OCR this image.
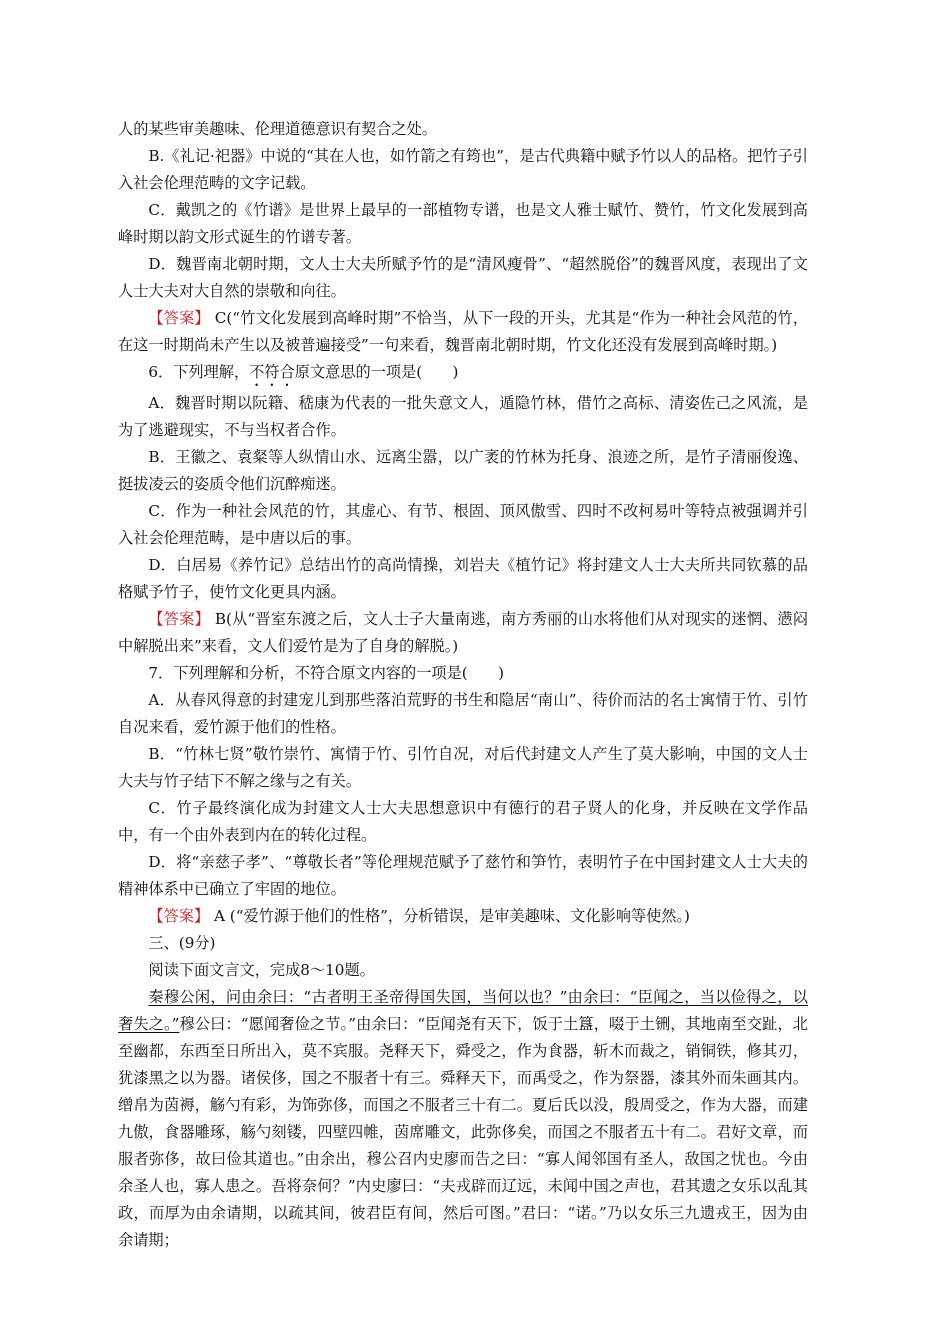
人的某些审美趣味、伦理道德意识有契合之处。

B.《礼记·祀器》中说的“其在人也，如竹箭之有筠也”，是古代典籍中赋予竹以人的品格。把竹子引入社会伦理范畴的文字记载。

C．戴凯之的《竹谱》是世界上最早的一部植物专谱，也是文人雅士赋竹、赞竹，竹文化发展到高峰时期以韵文形式诞生的竹谱专著。

D．魏晋南北朝时期，文人士大夫所赋予竹的是“清风瘦骨”、“超然脱俗”的魏晋风度，表现出了文人士大夫对大自然的崇敬和向往。

【答案】 C(“竹文化发展到高峰时期”不恰当，从下一段的开头，尤其是“作为一种社会风范的竹，在这一时期尚未产生以及被普遍接受”一句来看，魏晋南北朝时期，竹文化还没有发展到高峰时期。)

6．下列理解，不符合原文意思的一项是(　　)

A．魏晋时期以阮籍、嵇康为代表的一批失意文人，遁隐竹林，借竹之高标、清姿佐己之风流，是为了逃避现实，不与当权者合作。

B．王徽之、袁粲等人纵情山水、远离尘嚣，以广袤的竹林为托身、浪迹之所，是竹子清丽俊逸、挺拔凌云的姿质令他们沉醉痴迷。

C．作为一种社会风范的竹，其虚心、有节、根固、顶风傲雪、四时不改柯易叶等特点被强调并引入社会伦理范畴，是中唐以后的事。

D．白居易《养竹记》总结出竹的高尚情操，刘岩夫《植竹记》将封建文人士大夫所共同钦慕的品格赋予竹子，使竹文化更具内涵。

【答案】 B(从“晋室东渡之后，文人士子大量南逃，南方秀丽的山水将他们从对现实的迷惘、懑闷中解脱出来”来看，文人们爱竹是为了自身的解脱。)

7．下列理解和分析，不符合原文内容的一项是(　　)

A．从春风得意的封建宠儿到那些落泊荒野的书生和隐居“南山”、待价而沽的名士寓情于竹、引竹自况来看，爱竹源于他们的性格。

B．“竹林七贤”敬竹崇竹、寓情于竹、引竹自况，对后代封建文人产生了莫大影响，中国的文人士大夫与竹子结下不解之缘与之有关。

C．竹子最终演化成为封建文人士大夫思想意识中有德行的君子贤人的化身，并反映在文学作品中，有一个由外表到内在的转化过程。

D．将“亲慈子孝”、“尊敬长者”等伦理规范赋予了慈竹和笋竹，表明竹子在中国封建文人士大夫的精神体系中已确立了牢固的地位。

【答案】 A (“爱竹源于他们的性格”，分析错误，是审美趣味、文化影响等使然。)

三、(9分)

阅读下面文言文，完成8～10题。

秦穆公闲，问由余曰：“古者明王圣帝得国失国，当何以也？”由余曰：“臣闻之，当以俭得之，以奢失之。”穆公曰：“愿闻奢俭之节。”由余曰：“臣闻尧有天下，饭于土簋，啜于土铏，其地南至交趾，北至幽都，东西至日所出入，莫不宾服。尧释天下，舜受之，作为食器，斩木而裁之，销铜铁，修其刃，犹漆黑之以为器。诸侯侈，国之不服者十有三。舜释天下，而禹受之，作为祭器，漆其外而朱画其内。缯帛为茵褥，觞勺有彩，为饰弥侈，而国之不服者三十有二。夏后氏以没，殷周受之，作为大器，而建九傲，食器雕琢，觞勺刻镂，四壁四帷，茵席雕文，此弥侈矣，而国之不服者五十有二。君好文章，而服者弥侈，故曰俭其道也。”由余出，穆公召内史廖而告之曰：“寡人闻邻国有圣人，敌国之忧也。今由余圣人也，寡人患之。吾将奈何？”内史廖曰：“夫戎辟而辽远，未闻中国之声也，君其遗之女乐以乱其政，而厚为由余请期，以疏其间，彼君臣有间，然后可图。”君曰：“诺。”乃以女乐三九遗戎王，因为由余请期；
